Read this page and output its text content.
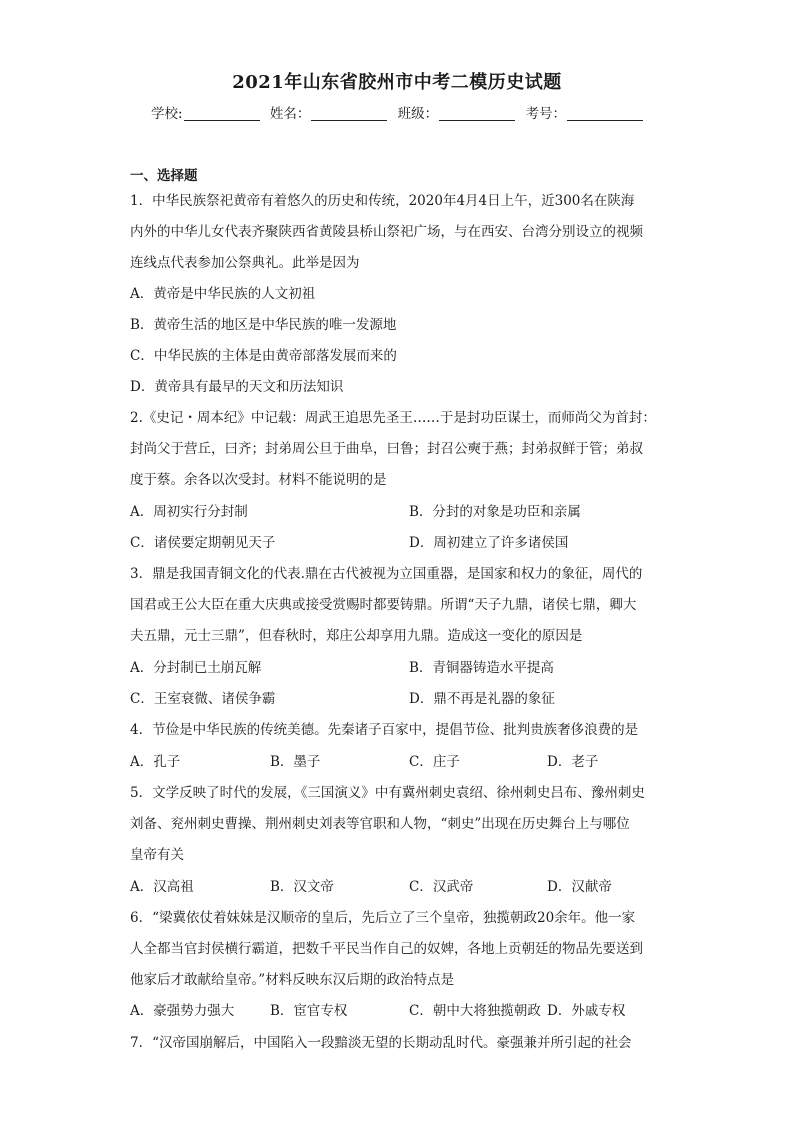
2021年山东省胶州市中考二模历史试题
学校:	姓名：	班级：	考号：
一、选择题
1．中华民族祭祀黄帝有着悠久的历史和传统，2020年4月4日上午，近300名在陕海
内外的中华儿女代表齐聚陕西省黄陵县桥山祭祀广场，与在西安、台湾分别设立的视频
连线点代表参加公祭典礼。此举是因为
A．黄帝是中华民族的人文初祖
B．黄帝生活的地区是中华民族的唯一发源地
C．中华民族的主体是由黄帝部落发展而来的
D．黄帝具有最早的天文和历法知识
2.《史记・周本纪》中记载：周武王追思先圣王……于是封功臣谋士，而师尚父为首封：
封尚父于营丘，曰齐；封弟周公旦于曲阜，曰鲁；封召公奭于燕；封弟叔鲜于管；弟叔
度于蔡。余各以次受封。材料不能说明的是
A．周初实行分封制	B．分封的对象是功臣和亲属
C．诸侯要定期朝见天子	D．周初建立了许多诸侯国
3．鼎是我国青铜文化的代表.鼎在古代被视为立国重器，是国家和权力的象征，周代的
国君或王公大臣在重大庆典或接受赏赐时都要铸鼎。所谓“天子九鼎，诸侯七鼎，卿大
夫五鼎，元士三鼎”，但春秋时，郑庄公却享用九鼎。造成这一变化的原因是
A．分封制已土崩瓦解	B．青铜器铸造水平提高
C．王室衰微、诸侯争霸	D．鼎不再是礼器的象征
4．节俭是中华民族的传统美德。先秦诸子百家中，提倡节俭、批判贵族奢侈浪费的是
A．孔子	B．墨子	C．庄子	D．老子
5．文学反映了时代的发展，《三国演义》中有冀州刺史袁绍、徐州刺史吕布、豫州刺史
刘备、兖州刺史曹操、荆州刺史刘表等官职和人物，“刺史”出现在历史舞台上与哪位
皇帝有关
A．汉高祖	B．汉文帝	C．汉武帝	D．汉献帝
6．“梁冀依仗着妹妹是汉顺帝的皇后，先后立了三个皇帝，独揽朝政20余年。他一家
人全都当官封侯横行霸道，把数千平民当作自己的奴婢，各地上贡朝廷的物品先要送到
他家后才敢献给皇帝。”材料反映东汉后期的政治特点是
A．豪强势力强大	B．宦官专权	C．朝中大将独揽朝政 D．外戚专权
7．“汉帝国崩解后，中国陷入一段黯淡无望的长期动乱时代。豪强兼并所引起的社会
